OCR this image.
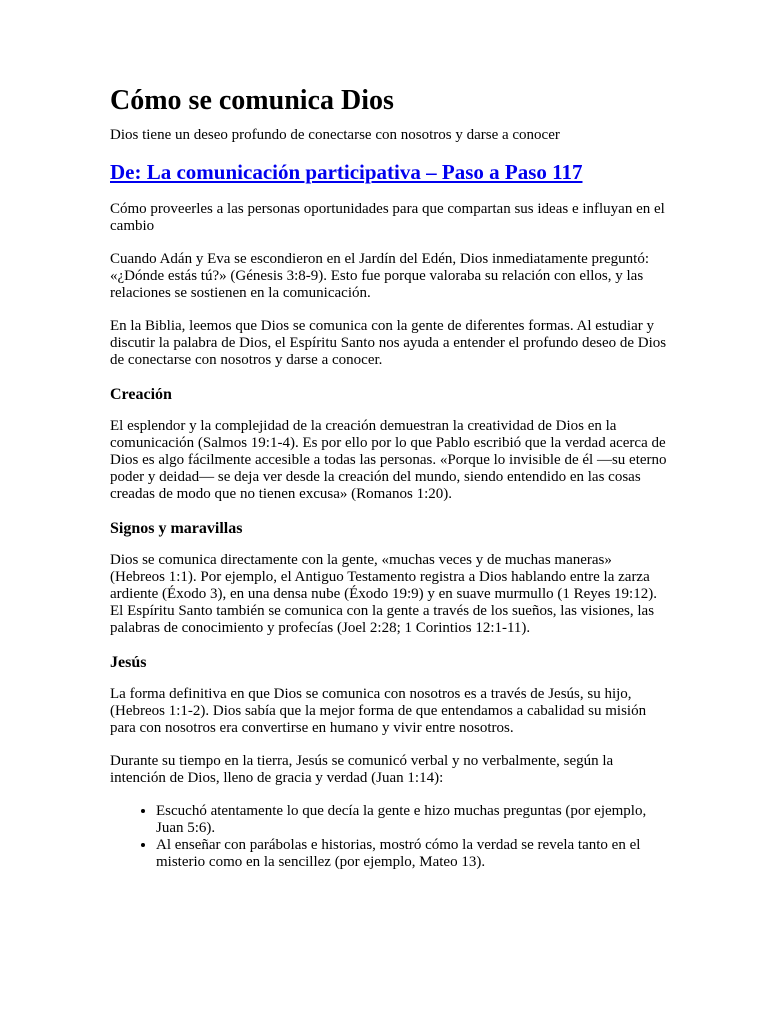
Cómo se comunica Dios

Dios tiene un deseo profundo de conectarse con nosotros y darse a conocer

De: La comunicación participativa – Paso a Paso 117

Cómo proveerles a las personas oportunidades para que compartan sus ideas e influyan en el cambio

Cuando Adán y Eva se escondieron en el Jardín del Edén, Dios inmediatamente preguntó: «¿Dónde estás tú?» (Génesis 3:8-9). Esto fue porque valoraba su relación con ellos, y las relaciones se sostienen en la comunicación.

En la Biblia, leemos que Dios se comunica con la gente de diferentes formas. Al estudiar y discutir la palabra de Dios, el Espíritu Santo nos ayuda a entender el profundo deseo de Dios de conectarse con nosotros y darse a conocer.

Creación

El esplendor y la complejidad de la creación demuestran la creatividad de Dios en la comunicación (Salmos 19:1-4). Es por ello por lo que Pablo escribió que la verdad acerca de Dios es algo fácilmente accesible a todas las personas. «Porque lo invisible de él —su eterno poder y deidad— se deja ver desde la creación del mundo, siendo entendido en las cosas creadas de modo que no tienen excusa» (Romanos 1:20).

Signos y maravillas

Dios se comunica directamente con la gente, «muchas veces y de muchas maneras» (Hebreos 1:1). Por ejemplo, el Antiguo Testamento registra a Dios hablando entre la zarza ardiente (Éxodo 3), en una densa nube (Éxodo 19:9) y en suave murmullo (1 Reyes 19:12). El Espíritu Santo también se comunica con la gente a través de los sueños, las visiones, las palabras de conocimiento y profecías (Joel 2:28; 1 Corintios 12:1-11).

Jesús

La forma definitiva en que Dios se comunica con nosotros es a través de Jesús, su hijo, (Hebreos 1:1-2). Dios sabía que la mejor forma de que entendamos a cabalidad su misión para con nosotros era convertirse en humano y vivir entre nosotros.

Durante su tiempo en la tierra, Jesús se comunicó verbal y no verbalmente, según la intención de Dios, lleno de gracia y verdad (Juan 1:14):

• Escuchó atentamente lo que decía la gente e hizo muchas preguntas (por ejemplo, Juan 5:6).
• Al enseñar con parábolas e historias, mostró cómo la verdad se revela tanto en el misterio como en la sencillez (por ejemplo, Mateo 13).
